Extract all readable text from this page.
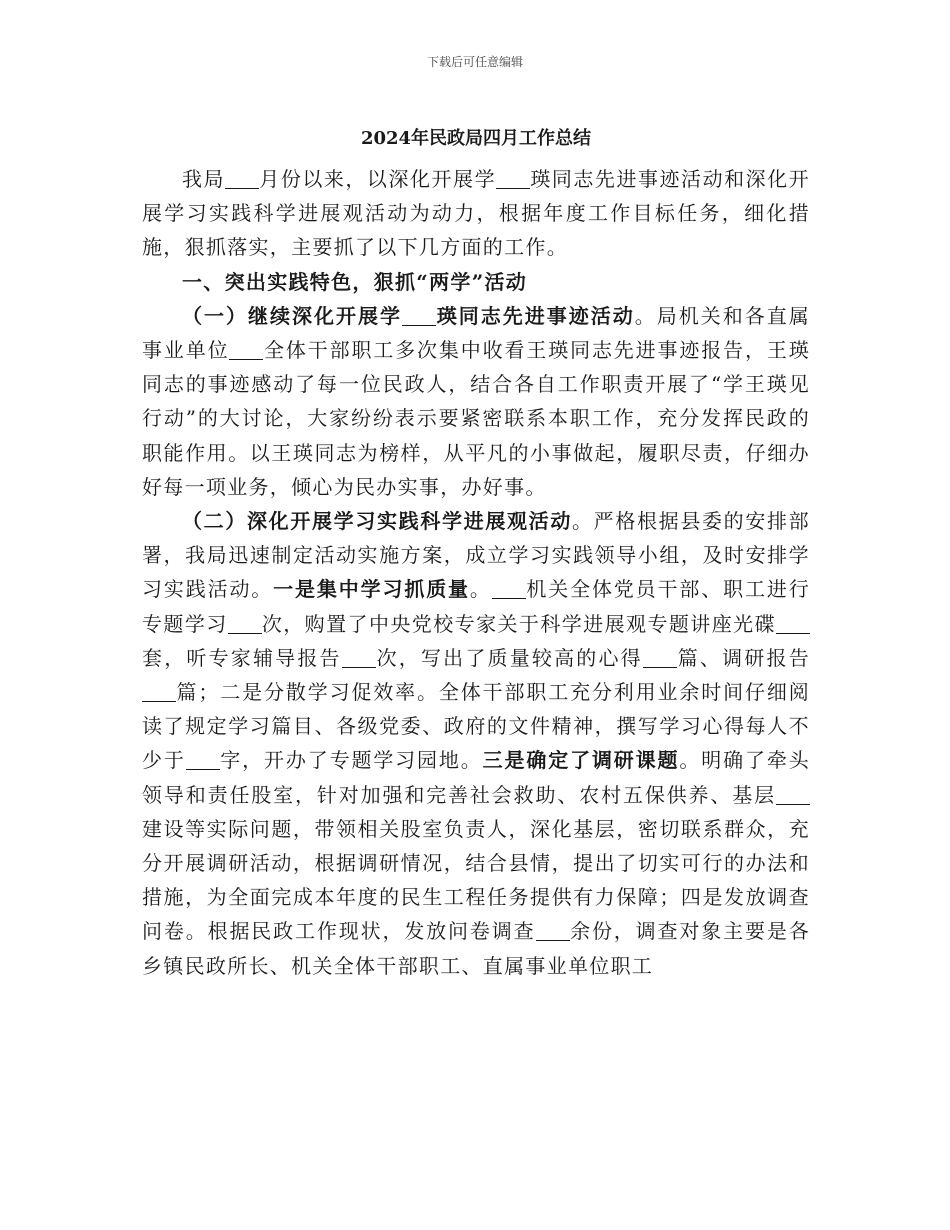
下载后可任意编辑
2024年民政局四月工作总结

我局 月份以来，以深化开展学 瑛同志先进事迹活动和深化开展学习实践科学进展观活动为动力，根据年度工作目标任务，细化措施，狠抓落实，主要抓了以下几方面的工作。

一、突出实践特色，狠抓“两学”活动

（一）继续深化开展学 瑛同志先进事迹活动。局机关和各直属事业单位 全体干部职工多次集中收看王瑛同志先进事迹报告，王瑛同志的事迹感动了每一位民政人，结合各自工作职责开展了“学王瑛见行动”的大讨论，大家纷纷表示要紧密联系本职工作，充分发挥民政的职能作用。以王瑛同志为榜样，从平凡的小事做起，履职尽责，仔细办好每一项业务，倾心为民办实事，办好事。

（二）深化开展学习实践科学进展观活动。严格根据县委的安排部署，我局迅速制定活动实施方案，成立学习实践领导小组，及时安排学习实践活动。一是集中学习抓质量。 机关全体党员干部、职工进行专题学习 次，购置了中央党校专家关于科学进展观专题讲座光碟套，听专家辅导报告 次，写出了质量较高的心得 篇、调研报告篇；二是分散学习促效率。全体干部职工充分利用业余时间仔细阅读了规定学习篇目、各级党委、政府的文件精神，撰写学习心得每人不少于 字，开办了专题学习园地。三是确定了调研课题。明确了牵头领导和责任股室，针对加强和完善社会救助、农村五保供养、基层建设等实际问题，带领相关股室负责人，深化基层，密切联系群众，充分开展调研活动，根据调研情况，结合县情，提出了切实可行的办法和措施，为全面完成本年度的民生工程任务提供有力保障；四是发放调查问卷。根据民政工作现状，发放问卷调查 余份，调查对象主要是各乡镇民政所长、机关全体干部职工、直属事业单位职工
